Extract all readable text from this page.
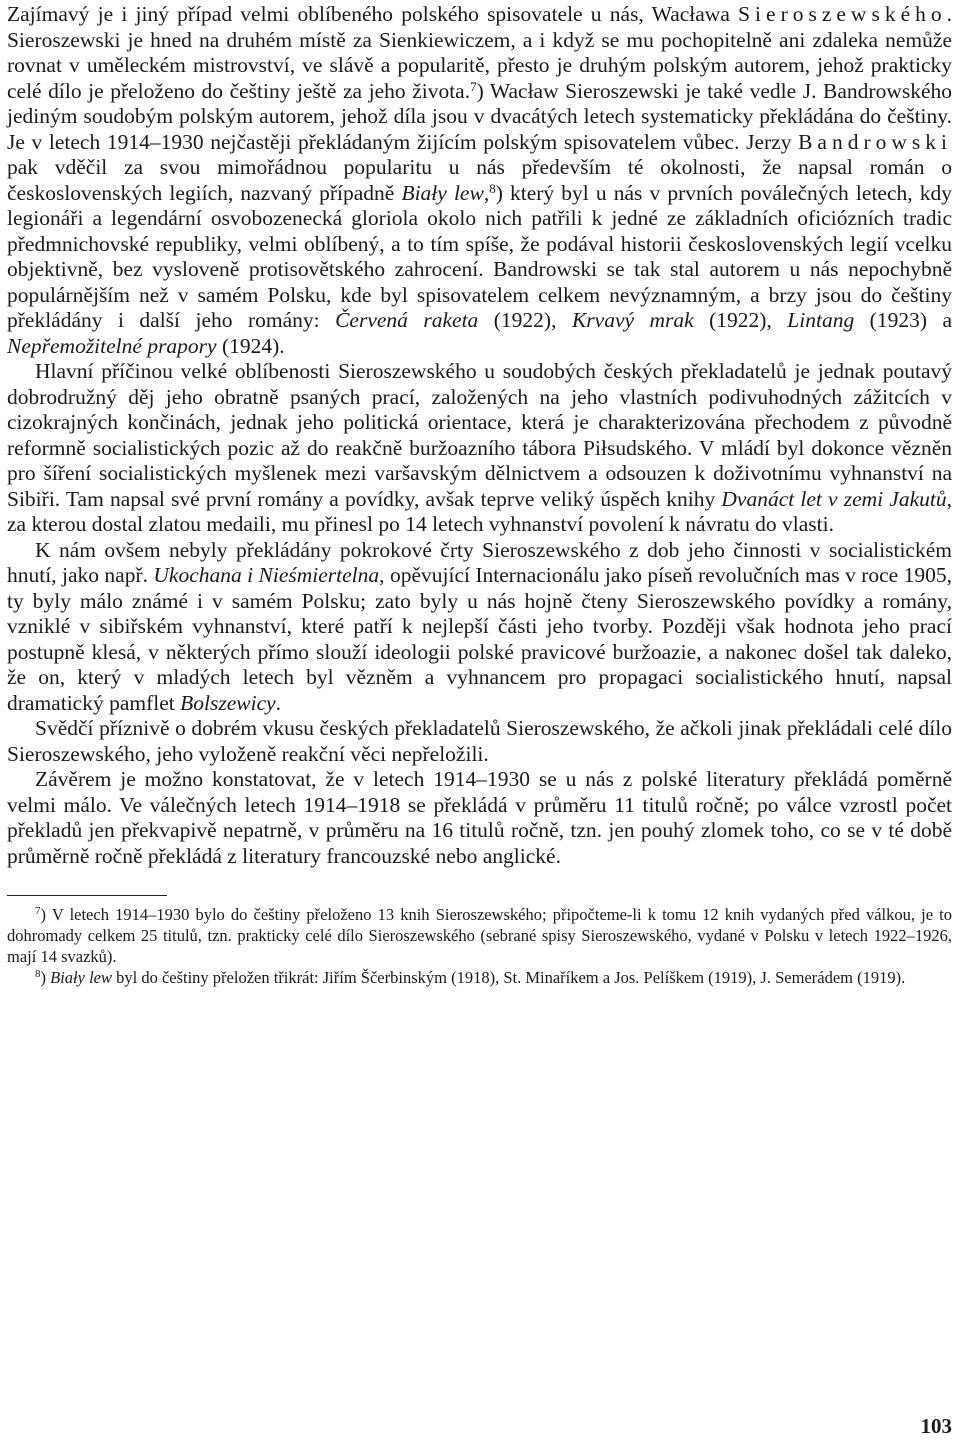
Zajímavý je i jiný případ velmi oblíbeného polského spisovatele u nás, Wacława Sieroszewského. Sieroszewski je hned na druhém místě za Sienkiewiczem, a i když se mu pochopitelně ani zdaleka nemůže rovnat v uměleckém mistrovství, ve slávě a popularitě, přesto je druhým polským autorem, jehož prakticky celé dílo je přeloženo do češtiny ještě za jeho života.$^7$) Wacław Sieroszewski je také vedle J. Bandrowského jediným soudobým polským autorem, jehož díla jsou v dvacátých letech systematicky překládána do češtiny. Je v letech 1914–1930 nejčastěji překládaným žijícím polským spisovatelem vůbec. Jerzy Bandrowski pak vděčil za svou mimořádnou popularitu u nás především té okolnosti, že napsal román o československých legiích, nazvaný případně Biały lew,$^8$) který byl u nás v prvních poválečných letech, kdy legionáři a legendární osvobozenecká gloriola okolo nich patřili k jedné ze základních oficiózních tradic předmnichovské republiky, velmi oblíbený, a to tím spíše, že podával historii československých legií vcelku objektivně, bez vysloveně protisovětského zahrocení. Bandrowski se tak stal autorem u nás nepochybně populárnějším než v samém Polsku, kde byl spisovatelem celkem nevýznamným, a brzy jsou do češtiny překládány i další jeho romány: Červená raketa (1922), Krvavý mrak (1922), Lintang (1923) a Nepřemožitelné prapory (1924).

Hlavní příčinou velké oblíbenosti Sieroszewského u soudobých českých překladatelů je jednak poutavý dobrodružný děj jeho obratně psaných prací, založených na jeho vlastních podivuhodných zážitcích v cizokrajných končinách, jednak jeho politická orientace, která je charakterizována přechodem z původně reformně socialistických pozic až do reakčně buržoazního tábora Piłsudského. V mládí byl dokonce vězněn pro šíření socialistických myšlenek mezi varšavským dělnictvem a odsouzen k doživotnímu vyhnanství na Sibiři. Tam napsal své první romány a povídky, avšak teprve veliký úspěch knihy Dvanáct let v zemi Jakutů, za kterou dostal zlatou medaili, mu přinesl po 14 letech vyhnanství povolení k návratu do vlasti.

K nám ovšem nebyly překládány pokrokové črty Sieroszewského z dob jeho činnosti v socialistickém hnutí, jako např. Ukochana i Nieśmiertelna, opěvující Internacionálu jako píseň revolučních mas v roce 1905, ty byly málo známé i v samém Polsku; zato byly u nás hojně čteny Sieroszewského povídky a romány, vzniklé v sibiřském vyhnanství, které patří k nejlepší části jeho tvorby. Později však hodnota jeho prací postupně klesá, v některých přímo slouží ideologii polské pravicové buržoazie, a nakonec došel tak daleko, že on, který v mladých letech byl vězněm a vyhnancem pro propagaci socialistického hnutí, napsal dramatický pamflet Bolszewicy.

Svědčí příznivě o dobrém vkusu českých překladatelů Sieroszewského, že ačkoli jinak překládali celé dílo Sieroszewského, jeho vyloženě reakční věci nepřeložili.

Závěrem je možno konstatovat, že v letech 1914–1930 se u nás z polské literatury překládá poměrně velmi málo. Ve válečných letech 1914–1918 se překládá v průměru 11 titulů ročně; po válce vzrostl počet překladů jen překvapivě nepatrně, v průměru na 16 titulů ročně, tzn. jen pouhý zlomek toho, co se v té době průměrně ročně překládá z literatury francouzské nebo anglické.

$^7$) V letech 1914–1930 bylo do češtiny přeloženo 13 knih Sieroszewského; připočteme-li k tomu 12 knih vydaných před válkou, je to dohromady celkem 25 titulů, tzn. prakticky celé dílo Sieroszewského (sebrané spisy Sieroszewského, vydané v Polsku v letech 1922–1926, mají 14 svazků).

$^8$) Biały lew byl do češtiny přeložen třikrát: Jiřím Ščerbinským (1918), St. Minaříkem a Jos. Pelíškem (1919), J. Semerádem (1919).

103
